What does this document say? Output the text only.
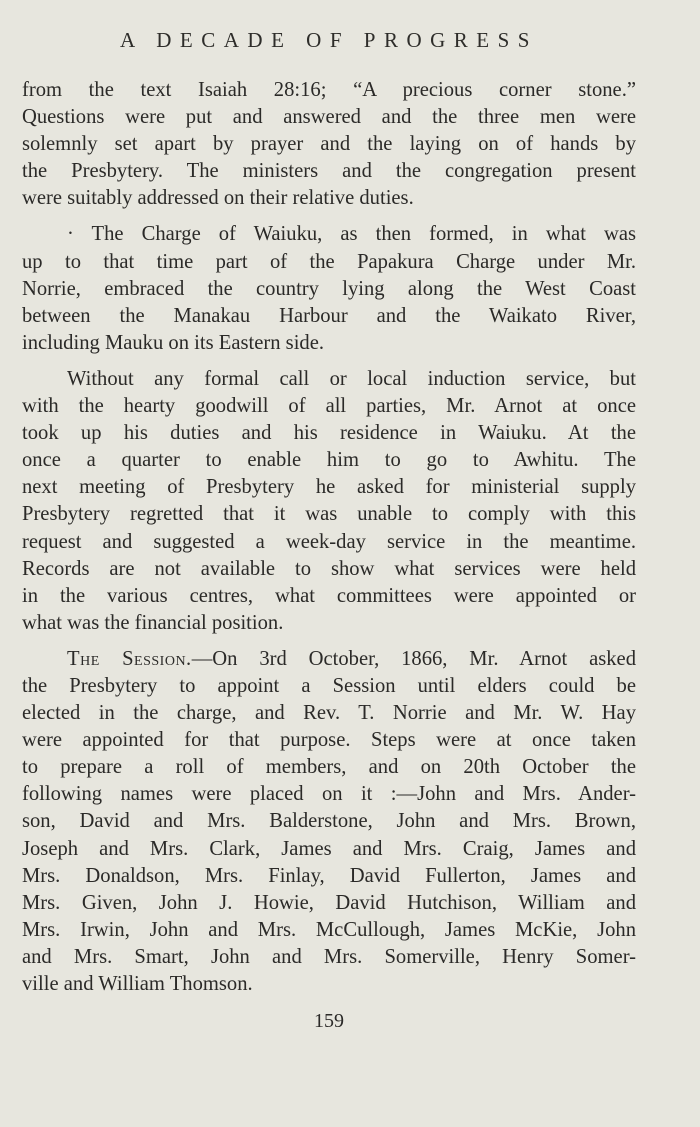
A DECADE OF PROGRESS

from the text Isaiah 28:16; “A precious corner stone.”
Questions were put and answered and the three men were
solemnly set apart by prayer and the laying on of hands by
the Presbytery. The ministers and the congregation present
were suitably addressed on their relative duties.

· The Charge of Waiuku, as then formed, in what was
up to that time part of the Papakura Charge under Mr.
Norrie, embraced the country lying along the West Coast
between the Manakau Harbour and the Waikato River,
including Mauku on its Eastern side.

Without any formal call or local induction service, but
with the hearty goodwill of all parties, Mr. Arnot at once
took up his duties and his residence in Waiuku. At the
once a quarter to enable him to go to Awhitu. The
next meeting of Presbytery he asked for ministerial supply
Presbytery regretted that it was unable to comply with this
request and suggested a week-day service in the meantime.
Records are not available to show what services were held
in the various centres, what committees were appointed or
what was the financial position.

The Session.—On 3rd October, 1866, Mr. Arnot asked
the Presbytery to appoint a Session until elders could be
elected in the charge, and Rev. T. Norrie and Mr. W. Hay
were appointed for that purpose. Steps were at once taken
to prepare a roll of members, and on 20th October the
following names were placed on it :—John and Mrs. Ander-
son, David and Mrs. Balderstone, John and Mrs. Brown,
Joseph and Mrs. Clark, James and Mrs. Craig, James and
Mrs. Donaldson, Mrs. Finlay, David Fullerton, James and
Mrs. Given, John J. Howie, David Hutchison, William and
Mrs. Irwin, John and Mrs. McCullough, James McKie, John
and Mrs. Smart, John and Mrs. Somerville, Henry Somer-
ville and William Thomson.

159
